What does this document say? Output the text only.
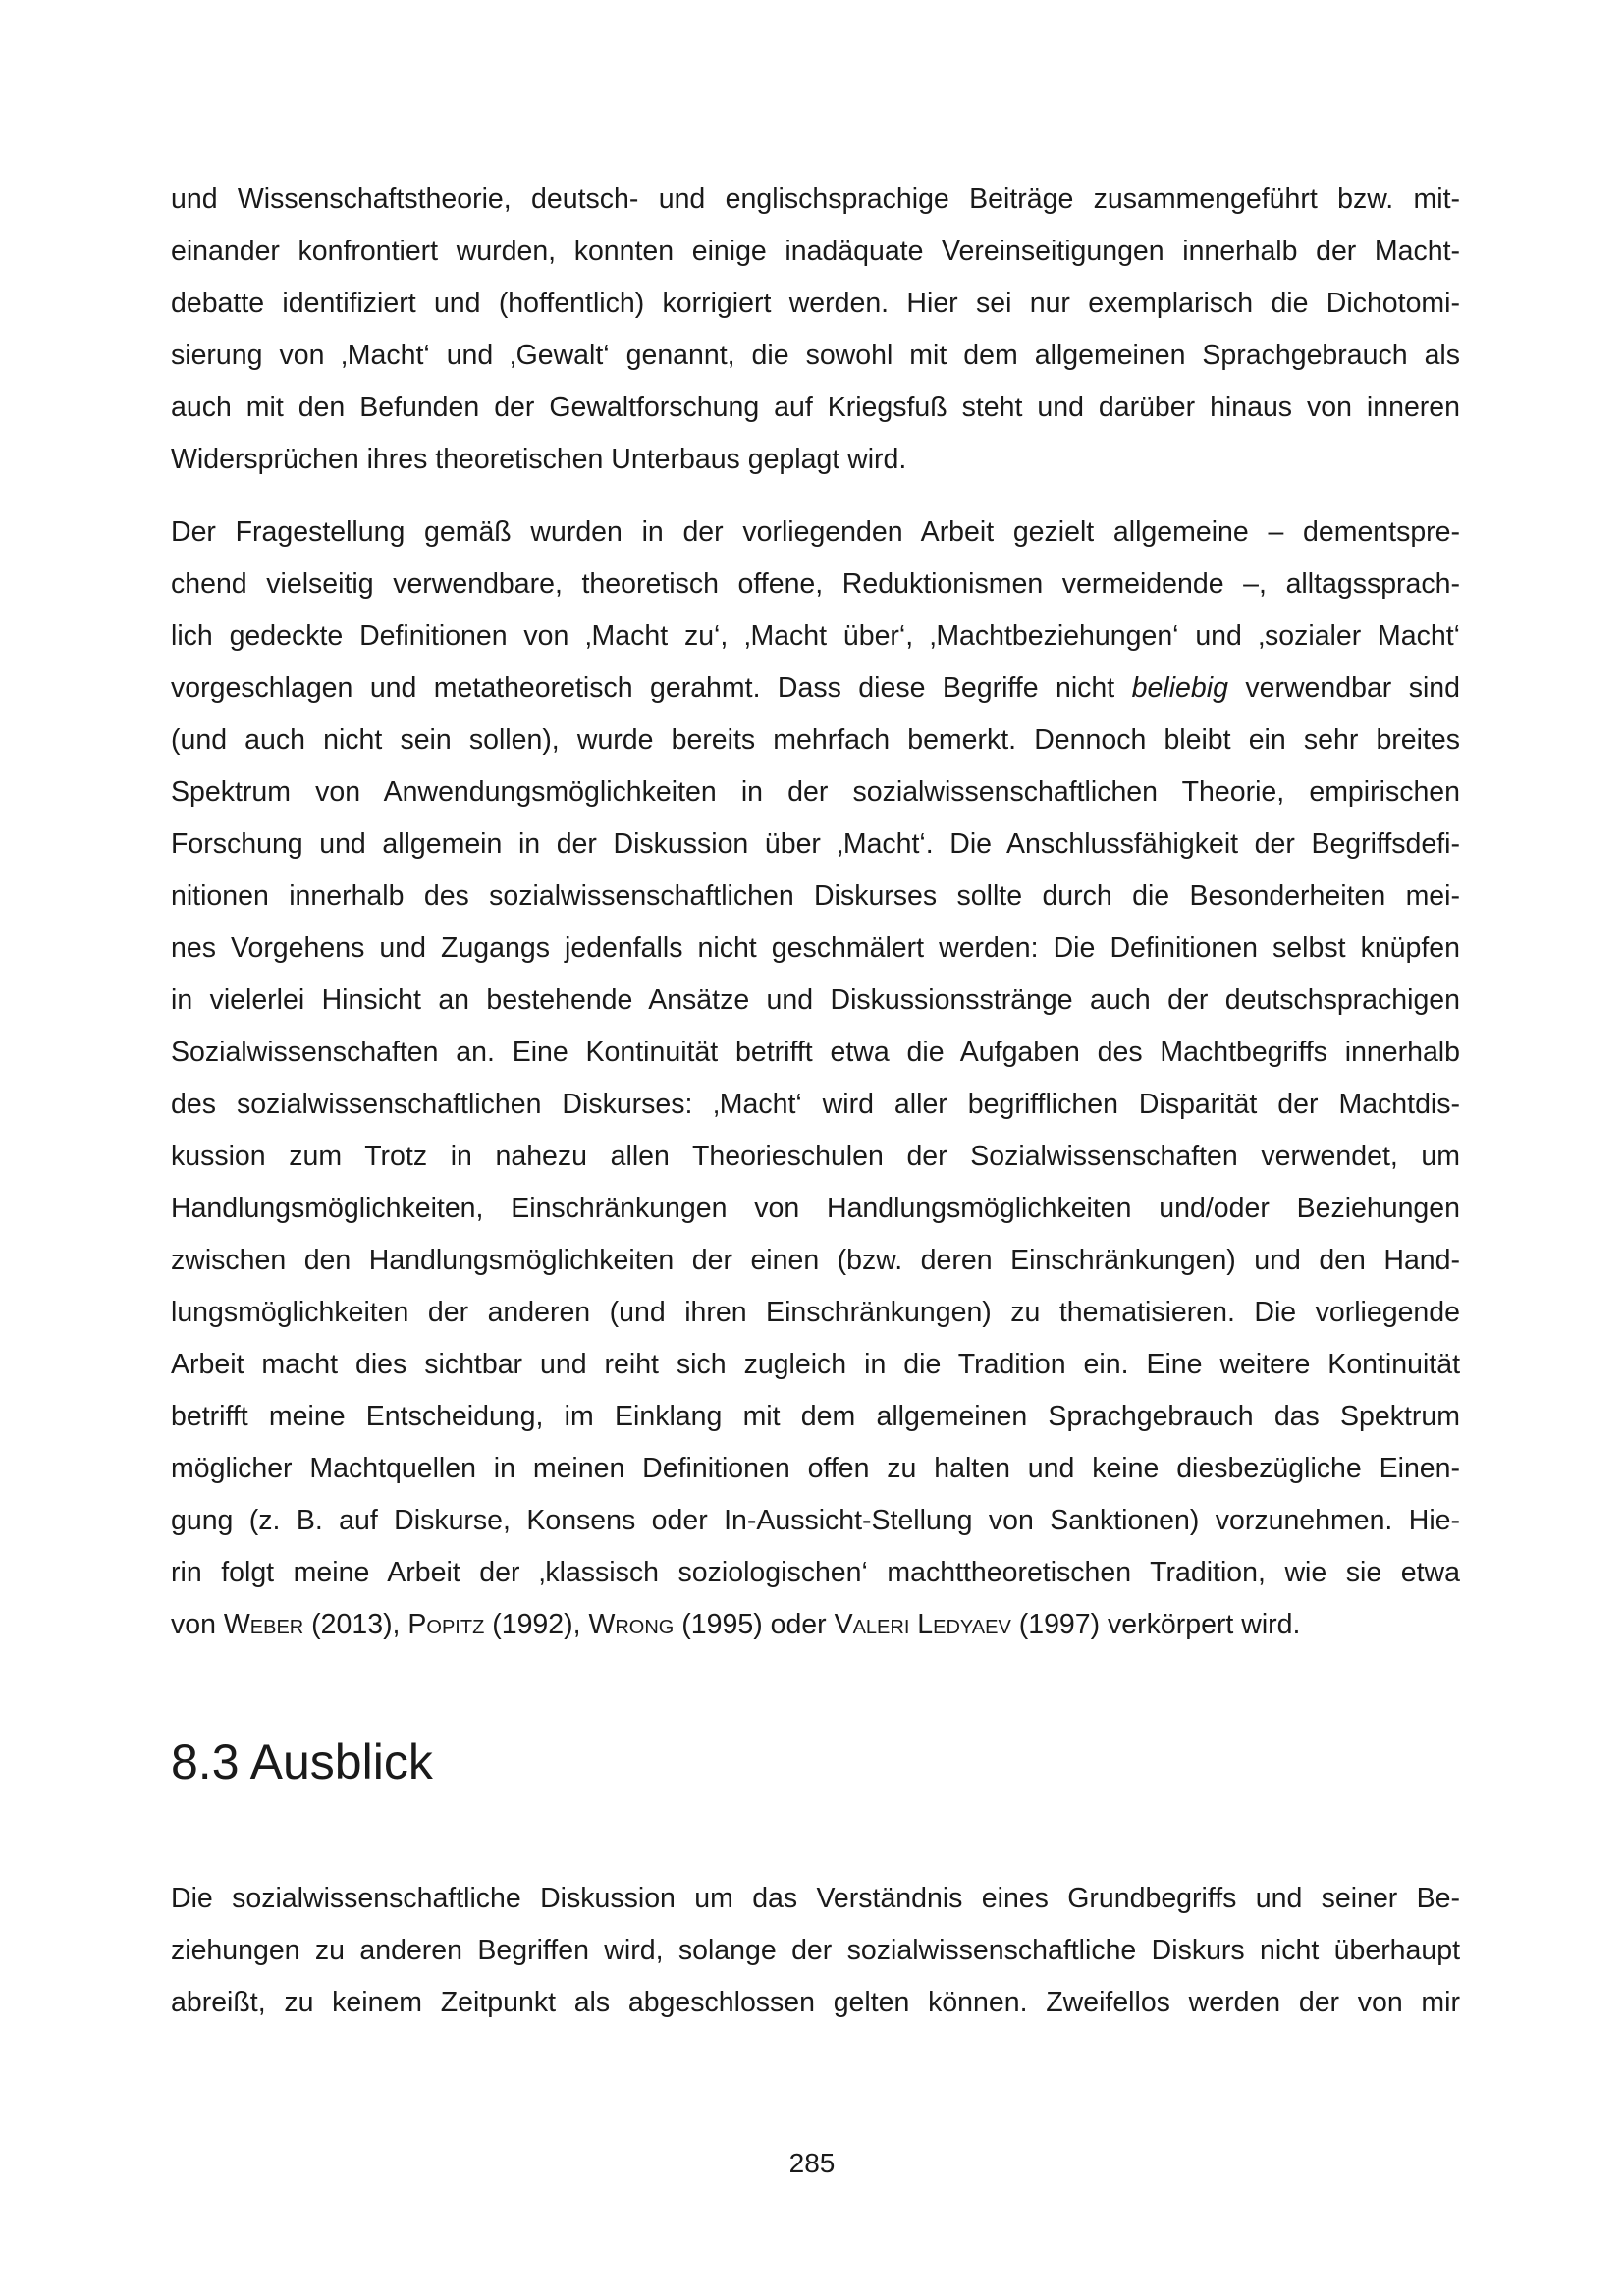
und Wissenschaftstheorie, deutsch- und englischsprachige Beiträge zusammengeführt bzw. mit-
einander konfrontiert wurden, konnten einige inadäquate Vereinseitigungen innerhalb der Macht-
debatte identifiziert und (hoffentlich) korrigiert werden. Hier sei nur exemplarisch die Dichotomi-
sierung von ‚Macht‘ und ‚Gewalt‘ genannt, die sowohl mit dem allgemeinen Sprachgebrauch als
auch mit den Befunden der Gewaltforschung auf Kriegsfuß steht und darüber hinaus von inneren
Widersprüchen ihres theoretischen Unterbaus geplagt wird.
Der Fragestellung gemäß wurden in der vorliegenden Arbeit gezielt allgemeine – dementspre-
chend vielseitig verwendbare, theoretisch offene, Reduktionismen vermeidende –, alltagssprach-
lich gedeckte Definitionen von ‚Macht zu‘, ‚Macht über‘, ‚Machtbeziehungen‘ und ‚sozialer Macht‘
vorgeschlagen und metatheoretisch gerahmt. Dass diese Begriffe nicht beliebig verwendbar sind
(und auch nicht sein sollen), wurde bereits mehrfach bemerkt. Dennoch bleibt ein sehr breites
Spektrum von Anwendungsmöglichkeiten in der sozialwissenschaftlichen Theorie, empirischen
Forschung und allgemein in der Diskussion über ‚Macht‘. Die Anschlussfähigkeit der Begriffsdefi-
nitionen innerhalb des sozialwissenschaftlichen Diskurses sollte durch die Besonderheiten mei-
nes Vorgehens und Zugangs jedenfalls nicht geschmälert werden: Die Definitionen selbst knüpfen
in vielerlei Hinsicht an bestehende Ansätze und Diskussionsstränge auch der deutschsprachigen
Sozialwissenschaften an. Eine Kontinuität betrifft etwa die Aufgaben des Machtbegriffs innerhalb
des sozialwissenschaftlichen Diskurses: ‚Macht‘ wird aller begrifflichen Disparität der Machtdis-
kussion zum Trotz in nahezu allen Theorieschulen der Sozialwissenschaften verwendet, um
Handlungsmöglichkeiten, Einschränkungen von Handlungsmöglichkeiten und/oder Beziehungen
zwischen den Handlungsmöglichkeiten der einen (bzw. deren Einschränkungen) und den Hand-
lungsmöglichkeiten der anderen (und ihren Einschränkungen) zu thematisieren. Die vorliegende
Arbeit macht dies sichtbar und reiht sich zugleich in die Tradition ein. Eine weitere Kontinuität
betrifft meine Entscheidung, im Einklang mit dem allgemeinen Sprachgebrauch das Spektrum
möglicher Machtquellen in meinen Definitionen offen zu halten und keine diesbezügliche Einen-
gung (z. B. auf Diskurse, Konsens oder In-Aussicht-Stellung von Sanktionen) vorzunehmen. Hie-
rin folgt meine Arbeit der ‚klassisch soziologischen‘ machttheoretischen Tradition, wie sie etwa
von Weber (2013), Popitz (1992), Wrong (1995) oder Valeri Ledyaev (1997) verkörpert wird.
8.3 Ausblick
Die sozialwissenschaftliche Diskussion um das Verständnis eines Grundbegriffs und seiner Be-
ziehungen zu anderen Begriffen wird, solange der sozialwissenschaftliche Diskurs nicht überhaupt
abreißt, zu keinem Zeitpunkt als abgeschlossen gelten können. Zweifellos werden der von mir
285
